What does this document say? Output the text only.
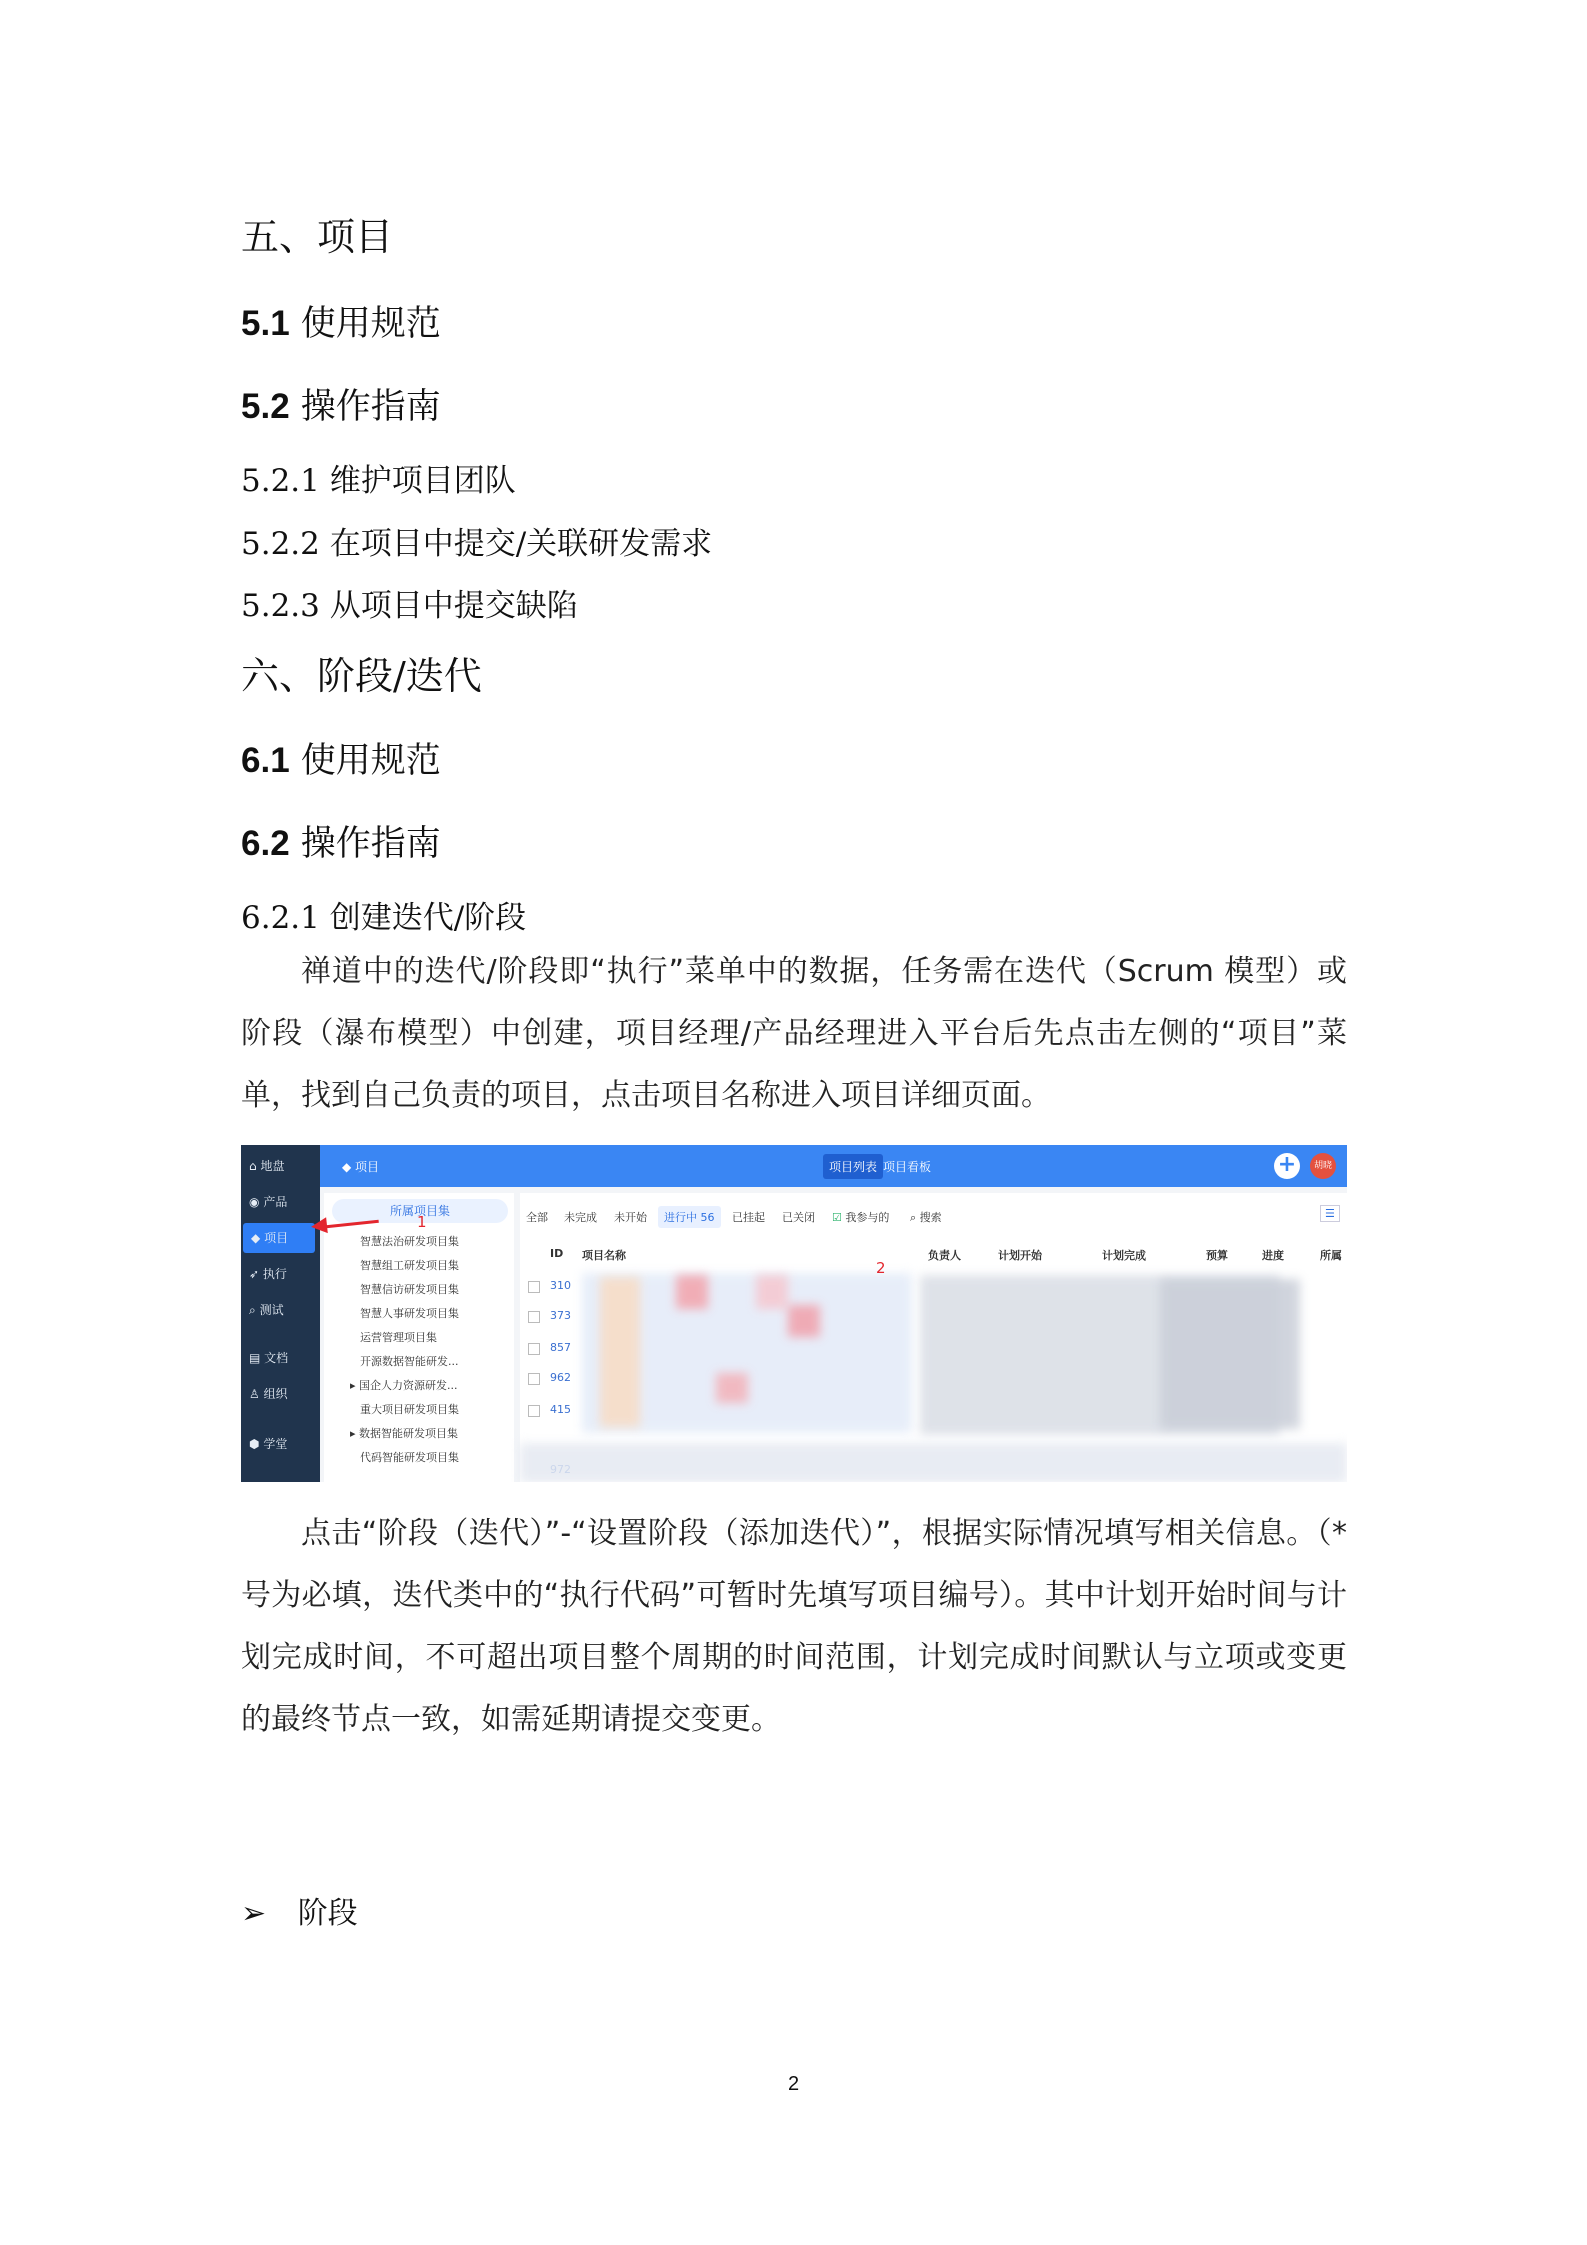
五、项目
5.1 使用规范
5.2 操作指南
5.2.1 维护项目团队
5.2.2 在项目中提交/关联研发需求
5.2.3 从项目中提交缺陷
六、阶段/迭代
6.1 使用规范
6.2 操作指南
6.2.1 创建迭代/阶段
禅道中的迭代/阶段即“执行”菜单中的数据，任务需在迭代（Scrum 模型）或阶段（瀑布模型）中创建，项目经理/产品经理进入平台后先点击左侧的“项目”菜单，找到自己负责的项目，点击项目名称进入项目详细页面。
⌂ 地盘
◉ 产品
◆ 项目
➶ 执行
⌕ 测试
▤ 文档
♙ 组织
⬢ 学堂
◆ 项目	项目列表 项目看板	+	胡晓
所属项目集
智慧法治研发项目集
智慧组工研发项目集
智慧信访研发项目集
智慧人事研发项目集
运营管理项目集
开源数据智能研发...
▸ 国企人力资源研发...
重大项目研发项目集
▸ 数据智能研发项目集
代码智能研发项目集
全部 未完成 未开始	进行中 56	已挂起 已关闭 ☑ 我参与的 ⌕ 搜索	☰
ID 项目名称	负责人	计划开始	计划完成	预算	进度	所属
310
373
857
962
415
2
1
点击“阶段（迭代）”-“设置阶段（添加迭代）”，根据实际情况填写相关信息。（*号为必填，迭代类中的“执行代码”可暂时先填写项目编号）。其中计划开始时间与计划完成时间，不可超出项目整个周期的时间范围，计划完成时间默认与立项或变更的最终节点一致，如需延期请提交变更。
➢ 阶段
2
